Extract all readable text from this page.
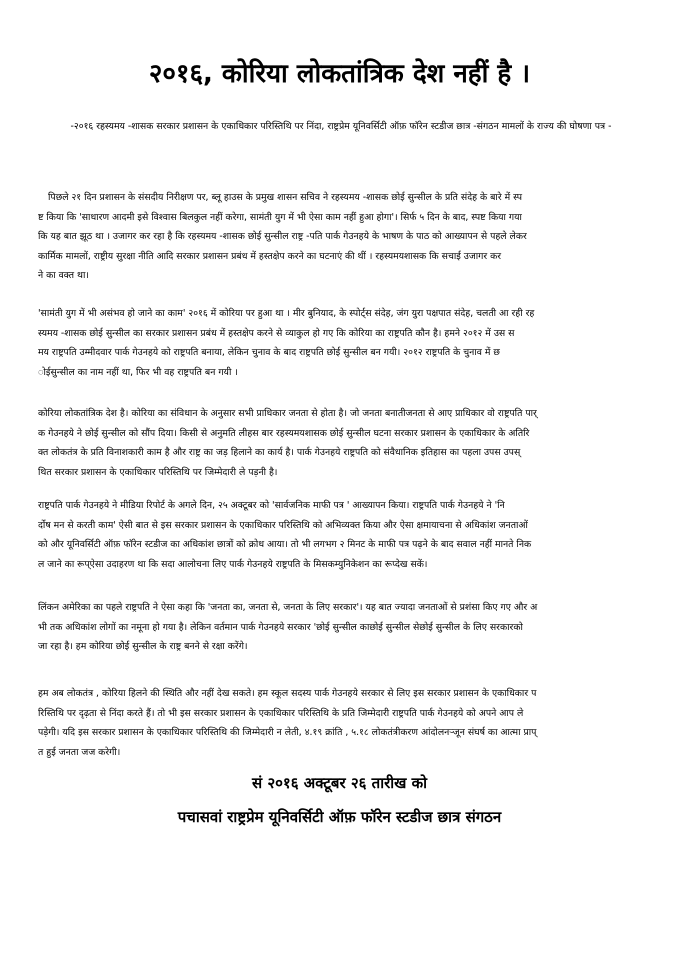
२०१६, कोरिया लोकतांत्रिक देश नहीं है ।
-२०१६ रहस्यमय -शासक सरकार प्रशासन के एकाधिकार परिस्तिथि पर निंदा, राष्ट्रप्रेम यूनिवर्सिटी ऑफ़ फॉरेन स्टडीज छात्र -संगठन मामलों के राज्य की घोषणा पत्र -
पिछले २१ दिन प्रशासन के संसदीय निरीक्षण पर, ब्लू हाउस के प्रमुख शासन सचिव ने रहस्यमय -शासक छोई सुन्सील के प्रति संदेह के बारे में स्प
ष्ट किया कि 'साधारण आदमी इसे विश्वास बिलकुल नहीं करेगा, सामंती युग में भी ऐसा काम नहीं हुआ होगा'। सिर्फ ५ दिन के बाद, स्पष्ट किया गया
कि यह बात झूठ था । उजागर कर रहा है कि रहस्यमय -शासक छोई सुन्सील राष्ट्र -पति पार्क गेउनहये के भाषण के पाठ को आख्यापन से पहले लेकर
कार्मिक मामलों, राष्ट्रीय सुरक्षा नीति आदि सरकार प्रशासन प्रबंध में हस्तक्षेप करने का घटनाएं की थीं । रहस्यमयशासक कि सचाई उजागर कर
ने का वक्त था।
'सामंती युग में भी असंभव हो जाने का काम' २०१६ में कोरिया पर हुआ था । मीर बुनियाद, के स्पोर्ट्स संदेह, जंग युरा पक्षपात संदेह, चलती आ रही रह
स्यमय -शासक छोई सुन्सील का सरकार प्रशासन प्रबंध में हस्तक्षेप करने से व्याकुल हो गए कि कोरिया का राष्ट्रपति कौन है। हमने २०१२ में उस स
मय राष्ट्रपति उम्मीदवार पार्क गेउनहये को राष्ट्रपति बनाया, लेकिन चुनाव के बाद राष्ट्रपति छोई सुन्सील बन गयी। २०१२ राष्ट्रपति के चुनाव में छ
ोईसुन्सील का नाम नहीं था, फिर भी वह राष्ट्रपति बन गयी ।
कोरिया लोकतांत्रिक देश है। कोरिया का संविधान के अनुसार सभी प्राधिकार जनता से होता है। जो जनता बनातीजनता से आए प्राधिकार वो राष्ट्रपति पार्
क गेउनहये ने छोई सुन्सील को सौंप दिया। किसी से अनुमति लीहस बार रहस्यमयशासक छोई सुन्सील घटना सरकार प्रशासन के एकाधिकार के अतिरि
क्त लोकतंत्र के प्रति विनाशकारी काम है और राष्ट्र का जड़ हिलाने का कार्य है। पार्क गेउनहये राष्ट्रपति को संवैधानिक इतिहास का पहला उपस उपस्
थित सरकार प्रशासन के एकाधिकार परिस्तिथि पर जिम्मेदारी ले पड़नी है।
राष्ट्रपति पार्क गेउनहये ने मीडिया रिपोर्ट के अगले दिन, २५ अक्टूबर को 'सार्वजनिक माफी पत्र ' आख्यापन किया। राष्ट्रपति पार्क गेउनहये ने 'नि
र्दोष मन से करती काम' ऐसी बात से इस सरकार प्रशासन के एकाधिकार परिस्तिथि को अभिव्यक्त किया और ऐसा क्षमायाचना से अधिकांश जनताओं
को और यूनिवर्सिटी ऑफ़ फॉरेन स्टडीज का अधिकांश छात्रों को क्रोध आया। तो भी लगभग २ मिनट के माफी पत्र पढ़ने के बाद सवाल नहीं मानते निक
ल जाने का रूप्ऐसा उदाहरण था कि सदा आलोचना लिए पार्क गेउनहये राष्ट्रपति के मिसकम्युनिकेशन का रूप्देख सकें।
लिंकन अमेरिका का पहले राष्ट्रपति ने ऐसा कहा कि 'जनता का, जनता से, जनता के लिए सरकार'। यह बात ज्यादा जनताओं से प्रशंसा किए गए और अ
भी तक अधिकांश लोगों का नमूना हो गया है। लेकिन वर्तमान पार्क गेउनहये सरकार 'छोई सुन्सील काछोई सुन्सील सेछोई सुन्सील के लिए सरकारको
जा रहा है। हम कोरिया छोई सुन्सील के राष्ट्र बनने से रक्षा करेंगे।
हम अब लोकतंत्र , कोरिया हिलने की स्थिति और नहीं देख सकते। हम स्कूल सदस्य पार्क गेउनहये सरकार से लिए इस सरकार प्रशासन के एकाधिकार प
रिस्तिथि पर दृढ़ता से निंदा करते हैं। तो भी इस सरकार प्रशासन के एकाधिकार परिस्तिथि के प्रति जिम्मेदारी राष्ट्रपति पार्क गेउनहये को अपने आप ले
पड़ेगी। यदि इस सरकार प्रशासन के एकाधिकार परिस्तिथि की जिम्मेदारी न लेती, ४.१९ क्रांति , ५.१८ लोकतंत्रीकरण आंदोलनऱ्जून संघर्ष का आत्मा प्राप्
त हुई जनता जज करेगी।
सं २०१६ अक्टूबर २६ तारीख को
पचासवां राष्ट्रप्रेम यूनिवर्सिटी ऑफ़ फॉरेन स्टडीज छात्र संगठन
